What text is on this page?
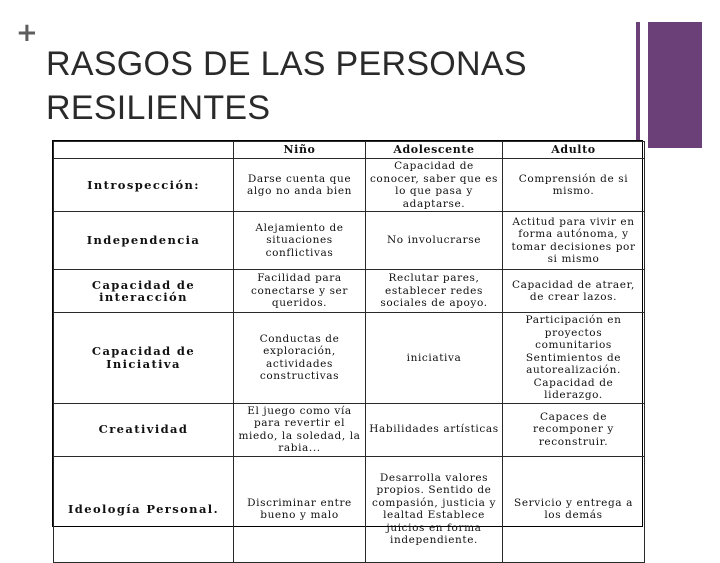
+
RASGOS DE LAS PERSONAS
RESILIENTES
	Niño	Adolescente	Adulto
Introspección:	Darse cuenta que algo no anda bien	Capacidad de conocer, saber que es lo que pasa y adaptarse.	Comprensión de si mismo.
Independencia	Alejamiento de situaciones conflictivas	No involucrarse	Actitud para vivir en forma autónoma, y tomar decisiones por si mismo
Capacidad de interacción	Facilidad para conectarse y ser queridos.	Reclutar pares, establecer redes sociales de apoyo.	Capacidad de atraer, de crear lazos.
Capacidad de Iniciativa	Conductas de exploración, actividades constructivas	iniciativa	Participación en proyectos comunitarios Sentimientos de autorealización. Capacidad de liderazgo.
Creatividad	El juego como vía para revertir el miedo, la soledad, la rabia...	Habilidades artísticas	Capaces de recomponer y reconstruir.
Ideología Personal.	Discriminar entre bueno y malo	Desarrolla valores propios. Sentido de compasión, justicia y lealtad Establece juicios en forma independiente.	Servicio y entrega a los demás
